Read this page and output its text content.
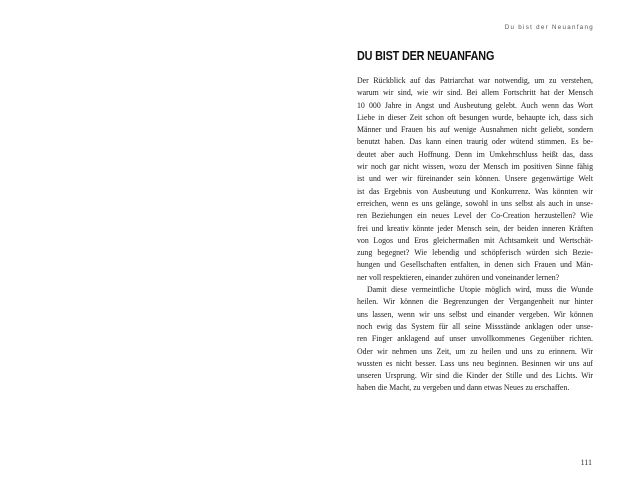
Du bist der Neuanfang
DU BIST DER NEUANFANG
Der Rückblick auf das Patriarchat war notwendig, um zu verstehen,
warum wir sind, wie wir sind. Bei allem Fortschritt hat der Mensch
10 000 Jahre in Angst und Ausbeutung gelebt. Auch wenn das Wort
Liebe in dieser Zeit schon oft besungen wurde, behaupte ich, dass sich
Männer und Frauen bis auf wenige Ausnahmen nicht geliebt, sondern
benutzt haben. Das kann einen traurig oder wütend stimmen. Es be-
deutet aber auch Hoffnung. Denn im Umkehrschluss heißt das, dass
wir noch gar nicht wissen, wozu der Mensch im positiven Sinne fähig
ist und wer wir füreinander sein können. Unsere gegenwärtige Welt
ist das Ergebnis von Ausbeutung und Konkurrenz. Was könnten wir
erreichen, wenn es uns gelänge, sowohl in uns selbst als auch in unse-
ren Beziehungen ein neues Level der Co-Creation herzustellen? Wie
frei und kreativ könnte jeder Mensch sein, der beiden inneren Kräften
von Logos und Eros gleichermaßen mit Achtsamkeit und Wertschät-
zung begegnet? Wie lebendig und schöpferisch würden sich Bezie-
hungen und Gesellschaften entfalten, in denen sich Frauen und Män-
ner voll respektieren, einander zuhören und voneinander lernen?
Damit diese vermeintliche Utopie möglich wird, muss die Wunde
heilen. Wir können die Begrenzungen der Vergangenheit nur hinter
uns lassen, wenn wir uns selbst und einander vergeben. Wir können
noch ewig das System für all seine Missstände anklagen oder unse-
ren Finger anklagend auf unser unvollkommenes Gegenüber richten.
Oder wir nehmen uns Zeit, um zu heilen und uns zu erinnern. Wir
wussten es nicht besser. Lass uns neu beginnen. Besinnen wir uns auf
unseren Ursprung. Wir sind die Kinder der Stille und des Lichts. Wir
haben die Macht, zu vergeben und dann etwas Neues zu erschaffen.
111
